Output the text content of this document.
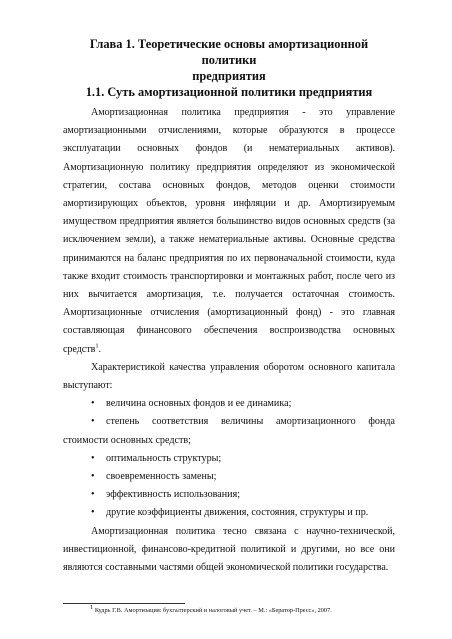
Глава 1. Теоретические основы амортизационной политики
предприятия
1.1. Суть амортизационной политики предприятия

Амортизационная политика предприятия - это управление амортизационными отчислениями, которые образуются в процессе эксплуатации основных фондов (и нематериальных активов). Амортизационную политику предприятия определяют из экономической стратегии, состава основных фондов, методов оценки стоимости амортизирующих объектов, уровня инфляции и др. Амортизируемым имуществом предприятия является большинство видов основных средств (за исключением земли), а также нематериальные активы. Основные средства принимаются на баланс предприятия по их первоначальной стоимости, куда также входит стоимость транспортировки и монтажных работ, после чего из них вычитается амортизация, т.е. получается остаточная стоимость. Амортизационные отчисления (амортизационный фонд) - это главная составляющая финансового обеспечения воспроизводства основных средств$^1$.

Характеристикой качества управления оборотом основного капитала выступают:

•	величина основных фондов и ее динамика;
•	степень соответствия величины амортизационного фонда стоимости основных средств;
•	оптимальность структуры;
•	своевременность замены;
•	эффективность использования;
•	другие коэффициенты движения, состояния, структуры и пр.

Амортизационная политика тесно связана с научно-технической, инвестиционной, финансово-кредитной политикой и другими, но все они являются составными частями общей экономической политики государства.

$^1$ Кудрь Г.В. Амортизация: бухгалтерский и налоговый учет. – М.: «Бератор-Пресс», 2007.
